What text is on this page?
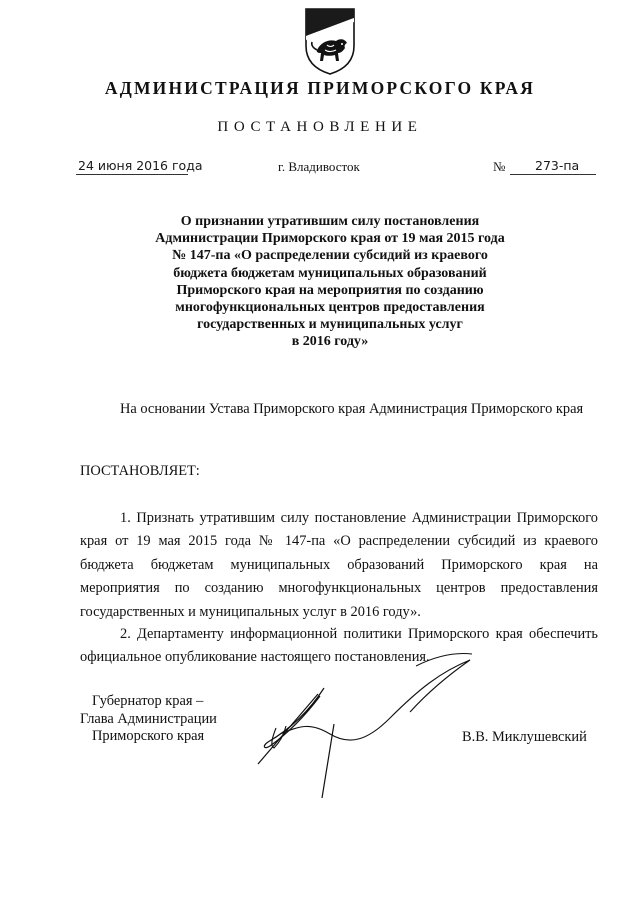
АДМИНИСТРАЦИЯ ПРИМОРСКОГО КРАЯ
ПОСТАНОВЛЕНИЕ
24 июня 2016 года	г. Владивосток	№ 273-па
О признании утратившим силу постановления
Администрации Приморского края от 19 мая 2015 года
№ 147-па «О распределении субсидий из краевого
бюджета бюджетам муниципальных образований
Приморского края на мероприятия по созданию
многофункциональных центров предоставления
государственных и муниципальных услуг
в 2016 году»
На основании Устава Приморского края Администрация Приморского края
ПОСТАНОВЛЯЕТ:
1. Признать утратившим силу постановление Администрации Приморского края от 19 мая 2015 года № 147-па «О распределении субсидий из краевого бюджета бюджетам муниципальных образований Приморского края на мероприятия по созданию многофункциональных центров предоставления государственных и муниципальных услуг в 2016 году».
2. Департаменту информационной политики Приморского края обеспечить официальное опубликование настоящего постановления.
Губернатор края –
Глава Администрации
Приморского края	В.В. Миклушевский
